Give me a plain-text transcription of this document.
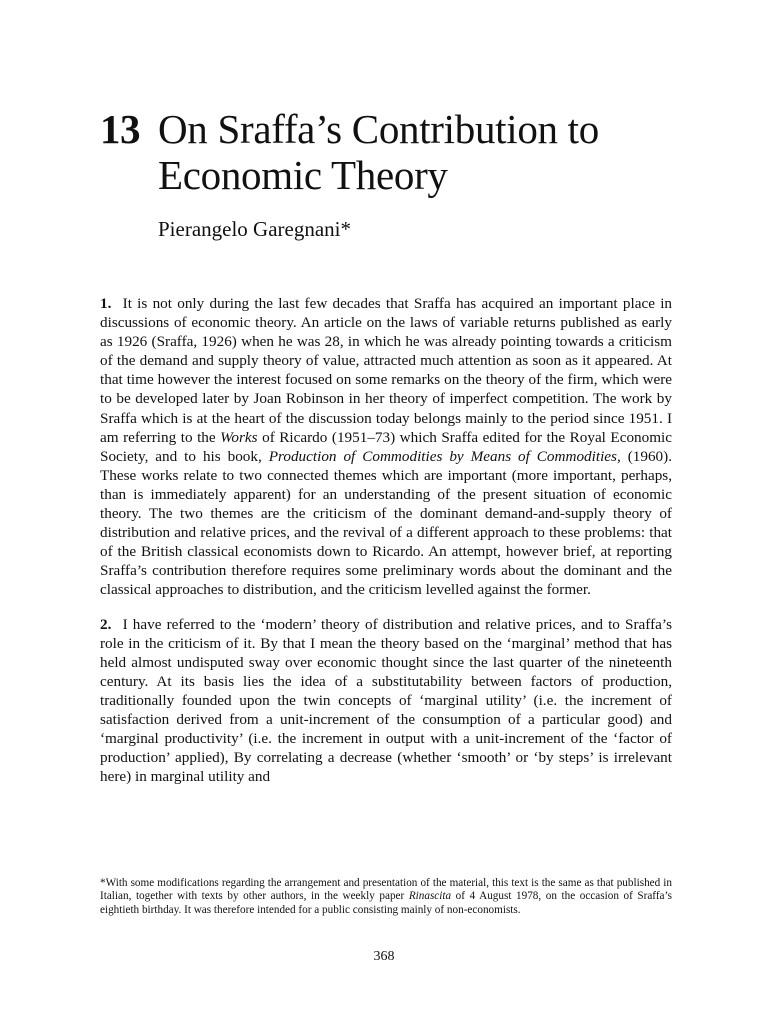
13 On Sraffa’s Contribution to
Economic Theory
Pierangelo Garegnani*

1. It is not only during the last few decades that Sraffa has acquired an important place in discussions of economic theory. An article on the laws of variable returns published as early as 1926 (Sraffa, 1926) when he was 28, in which he was already pointing towards a criticism of the demand and supply theory of value, attracted much attention as soon as it appeared. At that time however the interest focused on some remarks on the theory of the firm, which were to be developed later by Joan Robinson in her theory of imperfect competition. The work by Sraffa which is at the heart of the discussion today belongs mainly to the period since 1951. I am referring to the Works of Ricardo (1951–73) which Sraffa edited for the Royal Economic Society, and to his book, Production of Commodities by Means of Commodities, (1960). These works relate to two connected themes which are important (more important, perhaps, than is immediately apparent) for an understanding of the present situation of economic theory. The two themes are the criticism of the dominant demand-and-supply theory of distribution and relative prices, and the revival of a different approach to these problems: that of the British classical economists down to Ricardo. An attempt, however brief, at reporting Sraffa’s contribution therefore requires some preliminary words about the dominant and the classical approaches to distribution, and the criticism levelled against the former.

2. I have referred to the ‘modern’ theory of distribution and relative prices, and to Sraffa’s role in the criticism of it. By that I mean the theory based on the ‘marginal’ method that has held almost undisputed sway over economic thought since the last quarter of the nineteenth century. At its basis lies the idea of a substitutability between factors of production, traditionally founded upon the twin concepts of ‘marginal utility’ (i.e. the increment of satisfaction derived from a unit-increment of the consumption of a particular good) and ‘marginal productivity’ (i.e. the increment in output with a unit-increment of the ‘factor of production’ applied), By correlating a decrease (whether ‘smooth’ or ‘by steps’ is irrelevant here) in marginal utility and

*With some modifications regarding the arrangement and presentation of the material, this text is the same as that published in Italian, together with texts by other authors, in the weekly paper Rinascita of 4 August 1978, on the occasion of Sraffa’s eightieth birthday. It was therefore intended for a public consisting mainly of non-economists.
368
